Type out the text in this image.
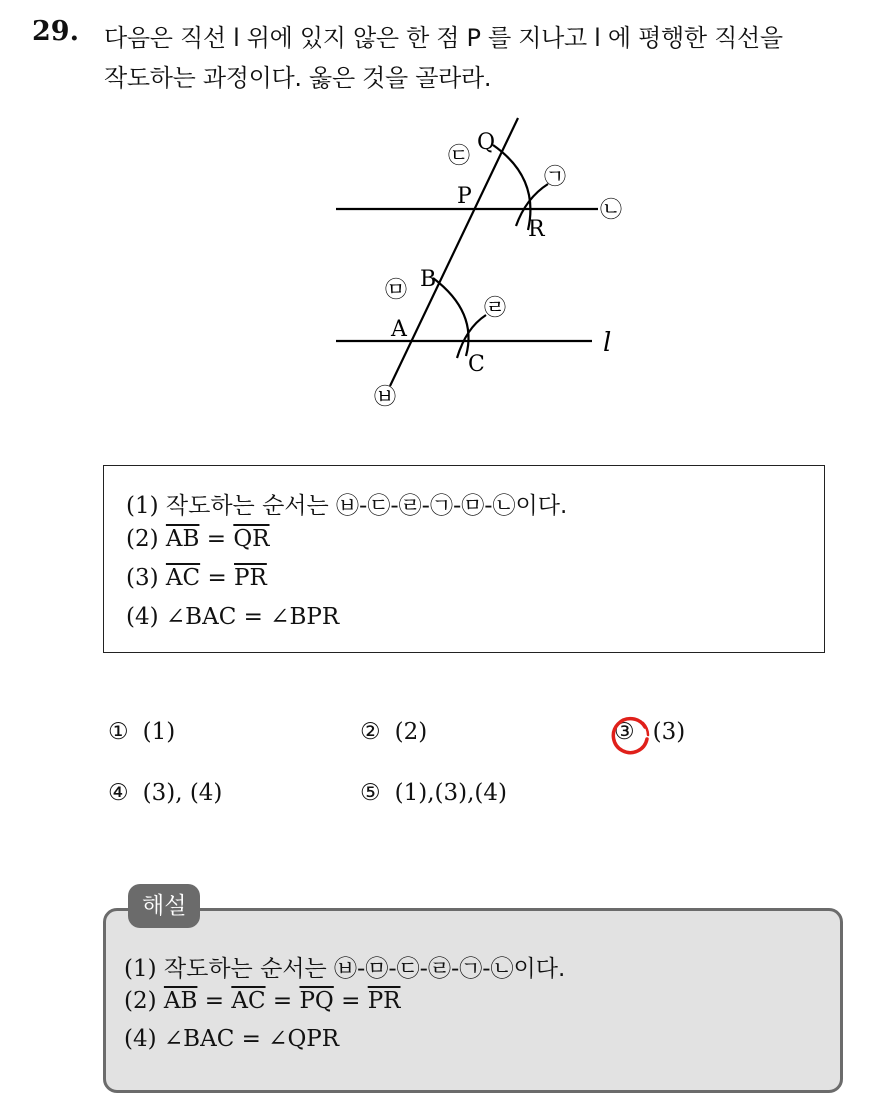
29. 다음은 직선 l 위에 있지 않은 한 점 P 를 지나고 l 에 평행한 직선을
작도하는 과정이다. 옳은 것을 골라라.
Q
P
R
B
A
C
l
㉠
㉡
㉢
㉣
㉤
㉥
(1) 작도하는 순서는 ㉥-㉢-㉣-㉠-㉤-㉡이다.
(2) $\overline{AB} = \overline{QR}$
(3) $\overline{AC} = \overline{PR}$
(4) ∠BAC = ∠BPR
① (1)	② (2)	③ (3)
④ (3), (4)	⑤ (1),(3),(4)
해설
(1) 작도하는 순서는 ㉥-㉤-㉢-㉣-㉠-㉡이다.
(2) $\overline{AB} = \overline{AC} = \overline{PQ} = \overline{PR}$
(4) ∠BAC = ∠QPR
